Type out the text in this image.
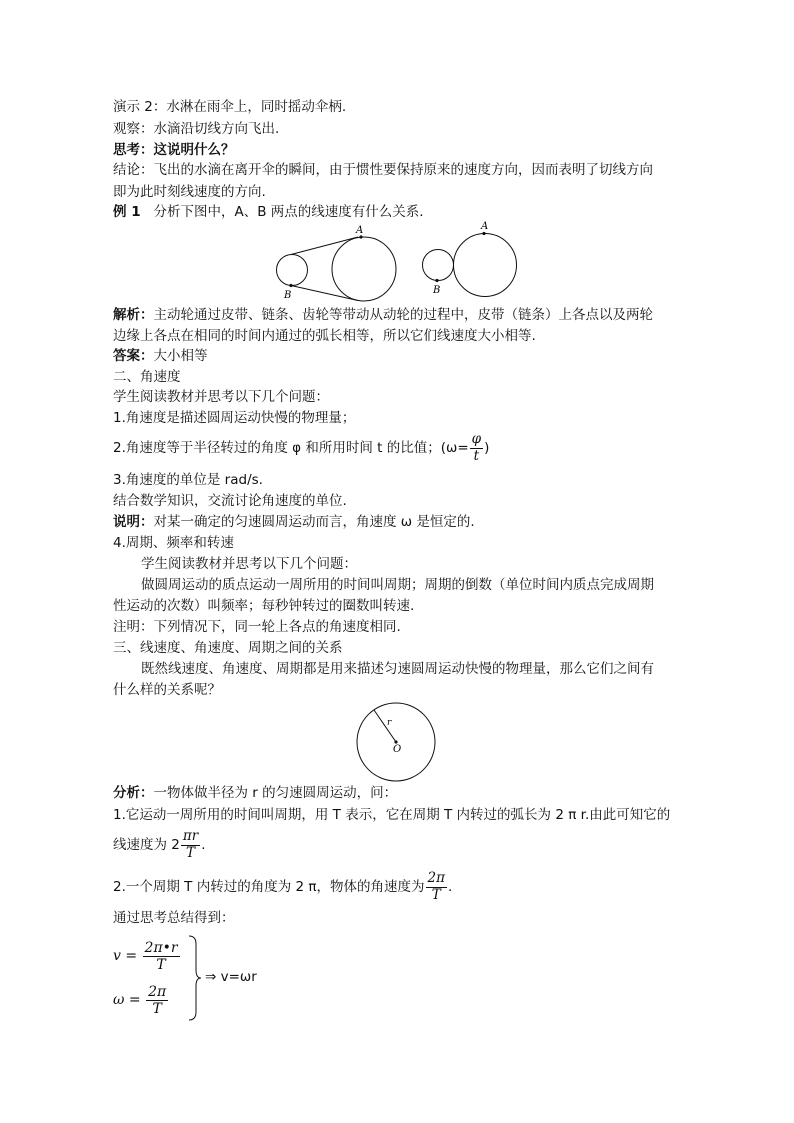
演示 2：水淋在雨伞上，同时摇动伞柄.
观察：水滴沿切线方向飞出.
思考：这说明什么？
结论：飞出的水滴在离开伞的瞬间，由于惯性要保持原来的速度方向，因而表明了切线方向
即为此时刻线速度的方向.
例 1 分析下图中，A、B 两点的线速度有什么关系.
A
B
A
B
解析：主动轮通过皮带、链条、齿轮等带动从动轮的过程中，皮带（链条）上各点以及两轮
边缘上各点在相同的时间内通过的弧长相等，所以它们线速度大小相等.
答案：大小相等
二、角速度
学生阅读教材并思考以下几个问题：
1.角速度是描述圆周运动快慢的物理量；
2.角速度等于半径转过的角度 φ 和所用时间 t 的比值；($\omega= \frac{\varphi}{t}$ )
3.角速度的单位是 rad/s.
结合数学知识，交流讨论角速度的单位.
说明：对某一确定的匀速圆周运动而言，角速度 ω 是恒定的.
4.周期、频率和转速
学生阅读教材并思考以下几个问题：
做圆周运动的质点运动一周所用的时间叫周期；周期的倒数（单位时间内质点完成周期
性运动的次数）叫频率；每秒钟转过的圈数叫转速.
注明：下列情况下，同一轮上各点的角速度相同.
三、线速度、角速度、周期之间的关系
既然线速度、角速度、周期都是用来描述匀速圆周运动快慢的物理量，那么它们之间有
什么样的关系呢？
r
O
分析：一物体做半径为 r 的匀速圆周运动，问：
1.它运动一周所用的时间叫周期，用 T 表示，它在周期 T 内转过的弧长为 2 π r.由此可知它的
线速度为 $2 \frac{\pi r}{T}$ .
2.一个周期 T 内转过的角度为 2 π，物体的角速度为 $\frac{2\pi}{T}$ .
通过思考总结得到：
$v = \frac{2\pi•r}{T}$
$\omega = \frac{2\pi}{T}$
⇒ v=ωr
